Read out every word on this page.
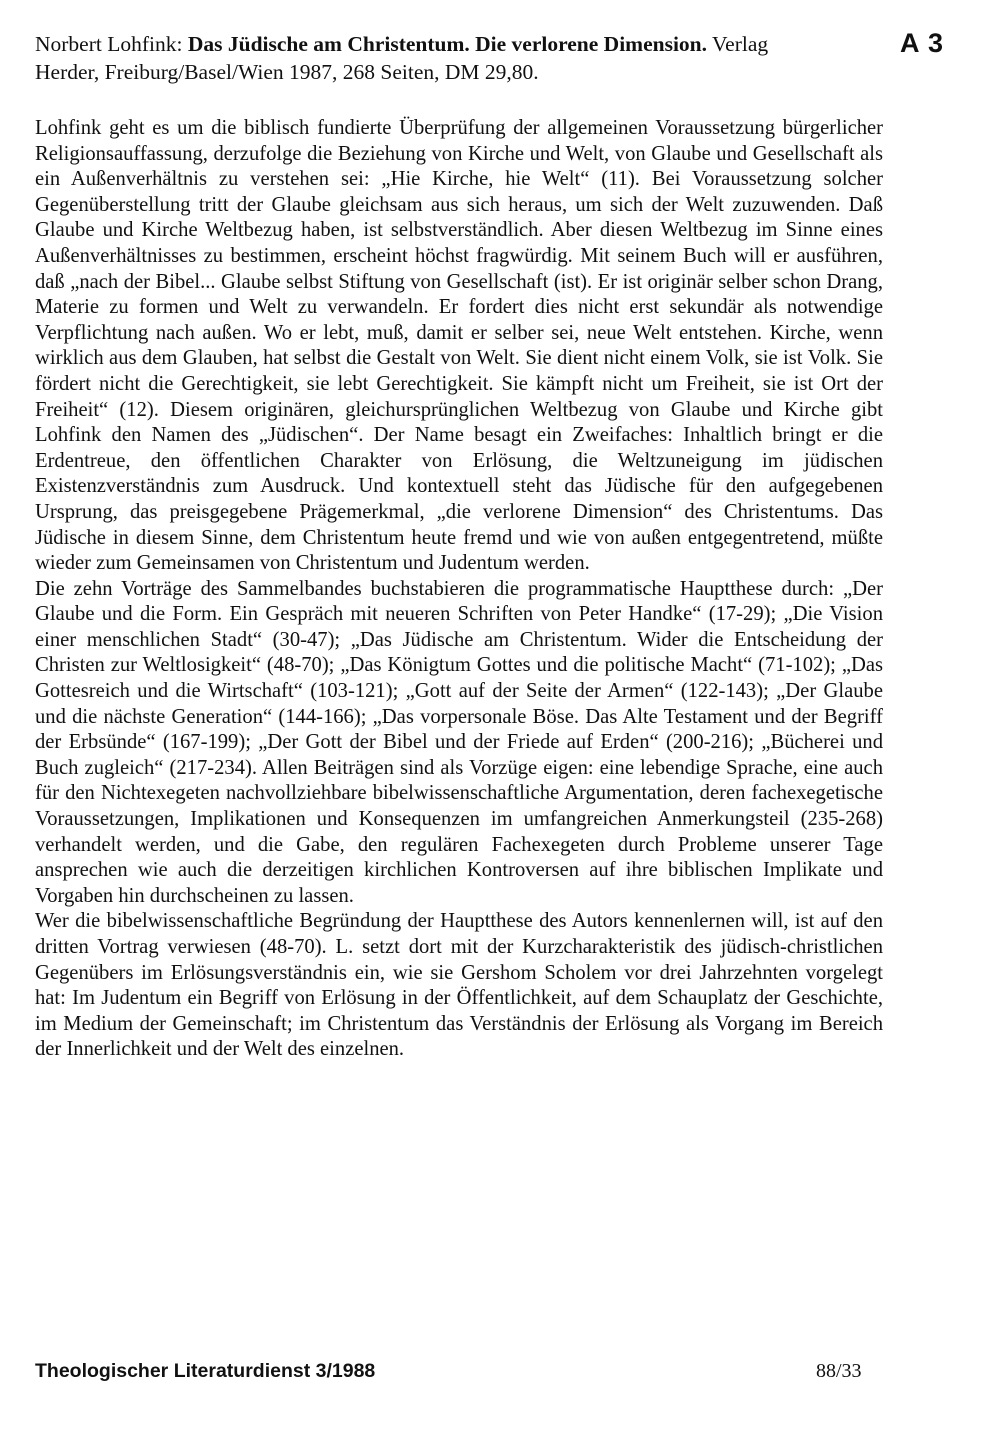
Norbert Lohfink: Das Jüdische am Christentum. Die verlorene Dimension. Verlag
Herder, Freiburg/Basel/Wien 1987, 268 Seiten, DM 29,80.
A 3

Lohfink geht es um die biblisch fundierte Überprüfung der allgemeinen Voraussetzung bürgerlicher Religionsauffassung, derzufolge die Beziehung von Kirche und Welt, von Glaube und Gesellschaft als ein Außenverhältnis zu verstehen sei: „Hie Kirche, hie Welt“ (11). Bei Voraussetzung solcher Gegenüberstellung tritt der Glaube gleichsam aus sich heraus, um sich der Welt zuzuwenden. Daß Glaube und Kirche Weltbezug haben, ist selbstverständlich. Aber diesen Weltbezug im Sinne eines Außenverhältnisses zu bestimmen, erscheint höchst fragwürdig. Mit seinem Buch will er ausführen, daß „nach der Bibel... Glaube selbst Stiftung von Gesellschaft (ist). Er ist originär selber schon Drang, Materie zu formen und Welt zu verwandeln. Er fordert dies nicht erst sekundär als notwendige Verpflichtung nach außen. Wo er lebt, muß, damit er selber sei, neue Welt entstehen. Kirche, wenn wirklich aus dem Glauben, hat selbst die Gestalt von Welt. Sie dient nicht einem Volk, sie ist Volk. Sie fördert nicht die Gerechtigkeit, sie lebt Gerechtigkeit. Sie kämpft nicht um Freiheit, sie ist Ort der Freiheit“ (12). Diesem originären, gleichursprünglichen Weltbezug von Glaube und Kirche gibt Lohfink den Namen des „Jüdischen“. Der Name besagt ein Zweifaches: Inhaltlich bringt er die Erdentreue, den öffentlichen Charakter von Erlösung, die Weltzuneigung im jüdischen Existenzverständnis zum Ausdruck. Und kontextuell steht das Jüdische für den aufgegebenen Ursprung, das preisgegebene Prägemerkmal, „die verlorene Dimension“ des Christentums. Das Jüdische in diesem Sinne, dem Christentum heute fremd und wie von außen entgegentretend, müßte wieder zum Gemeinsamen von Christentum und Judentum werden.

Die zehn Vorträge des Sammelbandes buchstabieren die programmatische Hauptthese durch: „Der Glaube und die Form. Ein Gespräch mit neueren Schriften von Peter Handke“ (17-29); „Die Vision einer menschlichen Stadt“ (30-47); „Das Jüdische am Christentum. Wider die Entscheidung der Christen zur Weltlosigkeit“ (48-70); „Das Königtum Gottes und die politische Macht“ (71-102); „Das Gottesreich und die Wirtschaft“ (103-121); „Gott auf der Seite der Armen“ (122-143); „Der Glaube und die nächste Generation“ (144-166); „Das vorpersonale Böse. Das Alte Testament und der Begriff der Erbsünde“ (167-199); „Der Gott der Bibel und der Friede auf Erden“ (200-216); „Bücherei und Buch zugleich“ (217-234). Allen Beiträgen sind als Vorzüge eigen: eine lebendige Sprache, eine auch für den Nichtexegeten nachvollziehbare bibelwissenschaftliche Argumentation, deren fachexegetische Voraussetzungen, Implikationen und Konsequenzen im umfangreichen Anmerkungsteil (235-268) verhandelt werden, und die Gabe, den regulären Fachexegeten durch Probleme unserer Tage ansprechen wie auch die derzeitigen kirchlichen Kontroversen auf ihre biblischen Implikate und Vorgaben hin durchscheinen zu lassen.

Wer die bibelwissenschaftliche Begründung der Hauptthese des Autors kennenlernen will, ist auf den dritten Vortrag verwiesen (48-70). L. setzt dort mit der Kurzcharakteristik des jüdisch-christlichen Gegenübers im Erlösungsverständnis ein, wie sie Gershom Scholem vor drei Jahrzehnten vorgelegt hat: Im Judentum ein Begriff von Erlösung in der Öffentlichkeit, auf dem Schauplatz der Geschichte, im Medium der Gemeinschaft; im Christentum das Verständnis der Erlösung als Vorgang im Bereich der Innerlichkeit und der Welt des einzelnen.

Theologischer Literaturdienst 3/1988	88/33
